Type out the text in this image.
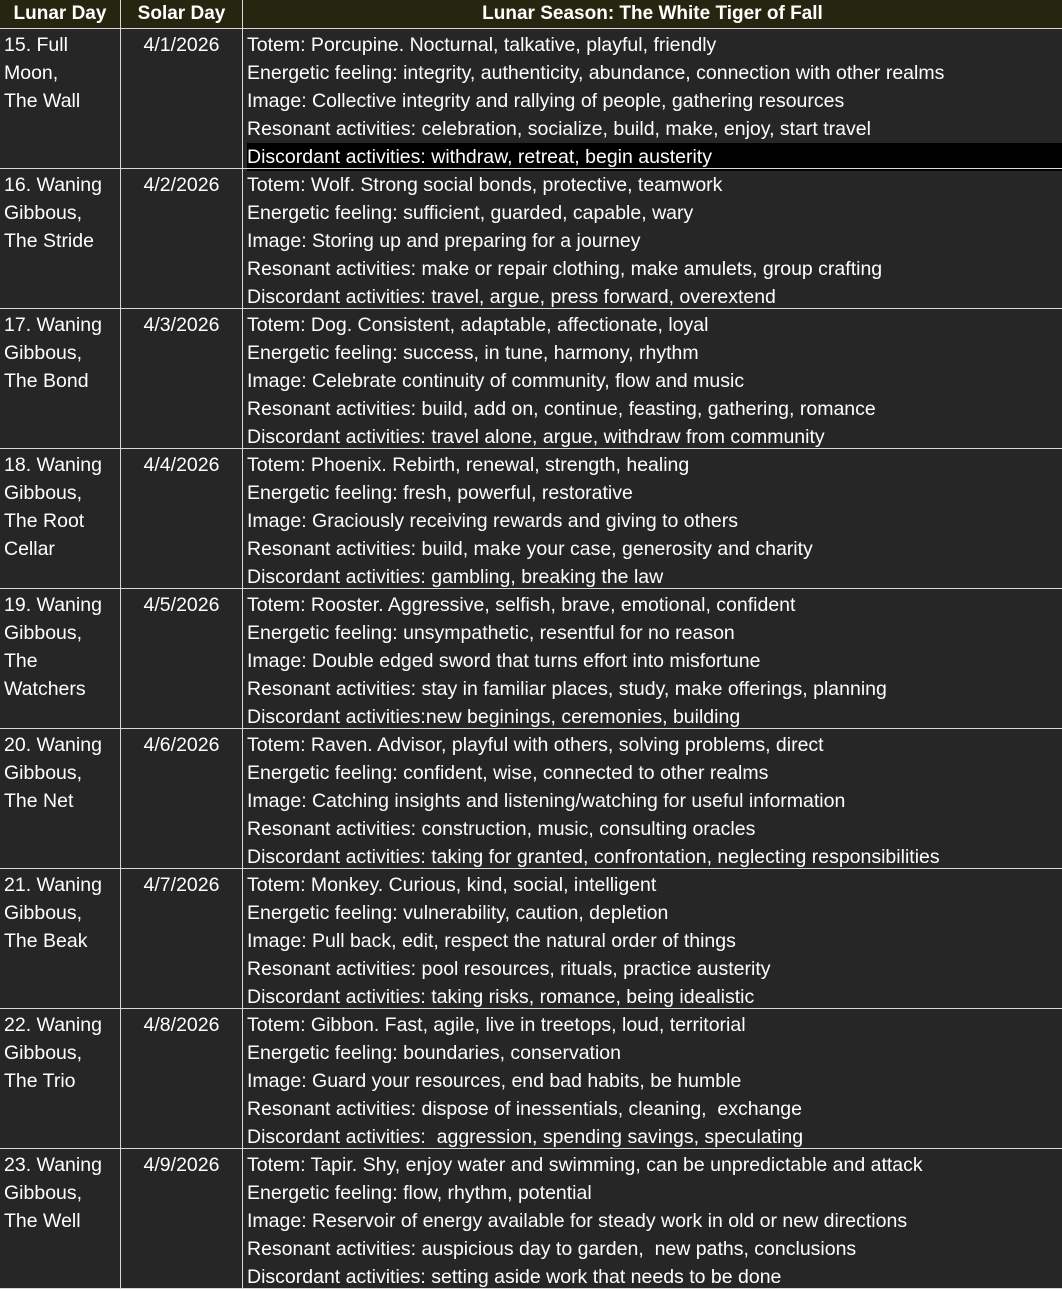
Lunar Day	Solar Day	Lunar Season: The White Tiger of Fall
15. Full
Moon,
The Wall
4/1/2026	Totem: Porcupine. Nocturnal, talkative, playful, friendly
Energetic feeling: integrity, authenticity, abundance, connection with other realms
Image: Collective integrity and rallying of people, gathering resources
Resonant activities: celebration, socialize, build, make, enjoy, start travel
Discordant activities: withdraw, retreat, begin austerity
16. Waning
Gibbous,
The Stride
4/2/2026	Totem: Wolf. Strong social bonds, protective, teamwork
Energetic feeling: sufficient, guarded, capable, wary
Image: Storing up and preparing for a journey
Resonant activities: make or repair clothing, make amulets, group crafting
Discordant activities: travel, argue, press forward, overextend
17. Waning
Gibbous,
The Bond
4/3/2026	Totem: Dog. Consistent, adaptable, affectionate, loyal
Energetic feeling: success, in tune, harmony, rhythm
Image: Celebrate continuity of community, flow and music
Resonant activities: build, add on, continue, feasting, gathering, romance
Discordant activities: travel alone, argue, withdraw from community
18. Waning
Gibbous,
The Root
Cellar
4/4/2026	Totem: Phoenix. Rebirth, renewal, strength, healing
Energetic feeling: fresh, powerful, restorative
Image: Graciously receiving rewards and giving to others
Resonant activities: build, make your case, generosity and charity
Discordant activities: gambling, breaking the law
19. Waning
Gibbous,
The
Watchers
4/5/2026	Totem: Rooster. Aggressive, selfish, brave, emotional, confident
Energetic feeling: unsympathetic, resentful for no reason
Image: Double edged sword that turns effort into misfortune
Resonant activities: stay in familiar places, study, make offerings, planning
Discordant activities:new beginings, ceremonies, building
20. Waning
Gibbous,
The Net
4/6/2026	Totem: Raven. Advisor, playful with others, solving problems, direct
Energetic feeling: confident, wise, connected to other realms
Image: Catching insights and listening/watching for useful information
Resonant activities: construction, music, consulting oracles
Discordant activities: taking for granted, confrontation, neglecting responsibilities
21. Waning
Gibbous,
The Beak
4/7/2026	Totem: Monkey. Curious, kind, social, intelligent
Energetic feeling: vulnerability, caution, depletion
Image: Pull back, edit, respect the natural order of things
Resonant activities: pool resources, rituals, practice austerity
Discordant activities: taking risks, romance, being idealistic
22. Waning
Gibbous,
The Trio
4/8/2026	Totem: Gibbon. Fast, agile, live in treetops, loud, territorial
Energetic feeling: boundaries, conservation
Image: Guard your resources, end bad habits, be humble
Resonant activities: dispose of inessentials, cleaning,  exchange
Discordant activities:  aggression, spending savings, speculating
23. Waning
Gibbous,
The Well
4/9/2026	Totem: Tapir. Shy, enjoy water and swimming, can be unpredictable and attack
Energetic feeling: flow, rhythm, potential
Image: Reservoir of energy available for steady work in old or new directions
Resonant activities: auspicious day to garden,  new paths, conclusions
Discordant activities: setting aside work that needs to be done
